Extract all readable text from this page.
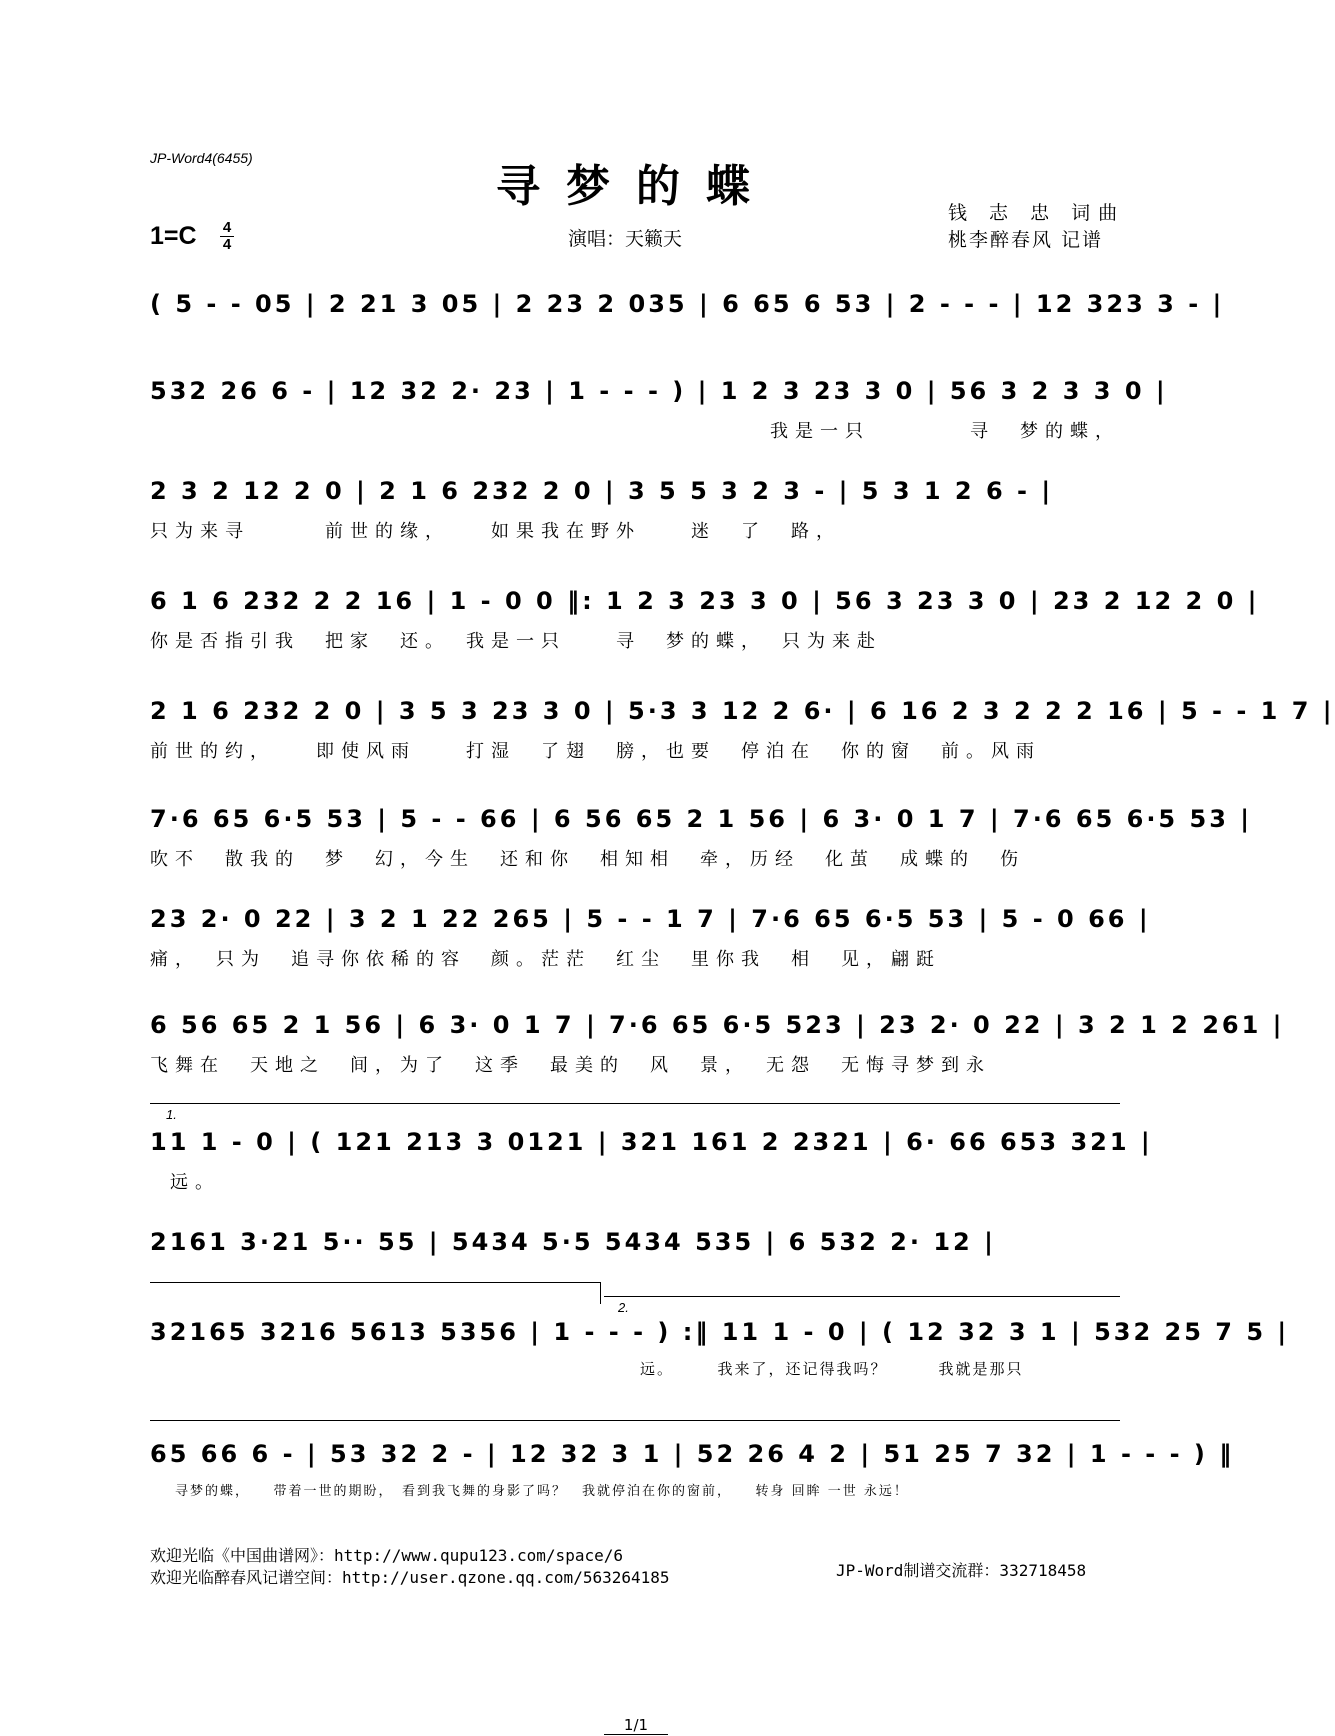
JP-Word4(6455)
寻梦的蝶
1=C 4
4	演唱：天籁天
钱 志 忠 词曲
桃李醉春风 记谱
( 5 - - 05 | 2 21 3 05 | 2 23 2 035 | 6 65 6 53 | 2 - - - | 12 323 3 - |
532 26 6 - | 12 32 2· 23 | 1 - - - ) | 1 2 3 23 3 0 | 56 3 2 3 3 0 |
我是一只　　　　寻　梦的蝶，
2 3 2 12 2 0 | 2 1 6 232 2 0 | 3 5 5 3 2 3 - | 5 3 1 2 6 - |
只为来寻　　　前世的缘，　　如果我在野外　　迷　了　路，
6 1 6 232 2 2 16 | 1 - 0 0 ‖: 1 2 3 23 3 0 | 56 3 23 3 0 | 23 2 12 2 0 |
你是否指引我　把家　还。　我是一只　　寻　梦的蝶，　只为来赴
2 1 6 232 2 0 | 3 5 3 23 3 0 | 5·3 3 12 2 6· | 6 16 2 3 2 2 2 16 | 5 - - 1 7 |
前世的约，　　即使风雨　　打湿　了翅　膀，也要　停泊在　你的窗　前。风雨
7·6 65 6·5 53 | 5 - - 66 | 6 56 65 2 1 56 | 6 3· 0 1 7 | 7·6 65 6·5 53 |
吹不　散我的　梦　幻，今生　还和你　相知相　牵，历经　化茧　成蝶的　伤
23 2· 0 22 | 3 2 1 22 265 | 5 - - 1 7 | 7·6 65 6·5 53 | 5 - 0 66 |
痛，　只为　追寻你依稀的容　颜。茫茫　红尘　里你我　相　见，翩跹
6 56 65 2 1 56 | 6 3· 0 1 7 | 7·6 65 6·5 523 | 23 2· 0 22 | 3 2 1 2 261 |
飞舞在　天地之　间，为了　这季　最美的　风　景，　无怨　无悔寻梦到永
1.
11 1 - 0 | ( 121 213 3 0121 | 321 161 2 2321 | 6· 66 653 321 |
远。
2161 3·21 5·· 55 | 5434 5·5 5434 535 | 6 532 2· 12 |
2.
32165 3216 5613 5356 | 1 - - - ) :‖ 11 1 - 0 | ( 12 32 3 1 | 532 25 7 5 |
远。　　　我来了，还记得我吗？　　　我就是那只
65 66 6 - | 53 32 2 - | 12 32 3 1 | 52 26 4 2 | 51 25 7 32 | 1 - - - ) ‖
寻梦的蝶，　　带着一世的期盼，　看到我飞舞的身影了吗？　我就停泊在你的窗前，　　转身 回眸 一世 永远！
欢迎光临《中国曲谱网》：http://www.qupu123.com/space/6
欢迎光临醉春风记谱空间：http://user.qzone.qq.com/563264185	JP-Word制谱交流群：332718458
1/1
